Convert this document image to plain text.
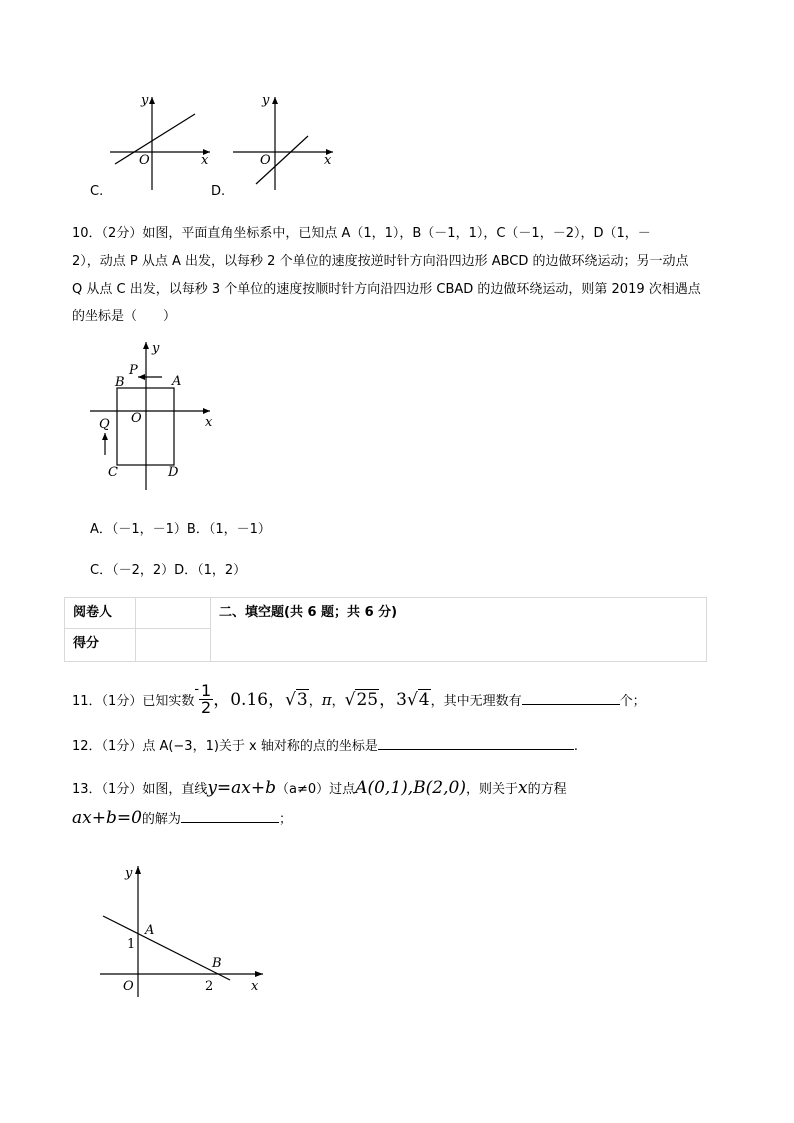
x
y
O
C.
x
y
O
D.
10．（2分）如图，平面直角坐标系中，已知点 A（1，1），B（－1，1），C（－1，－2），D（1，－
2），动点 P 从点 A 出发，以每秒 2 个单位的速度按逆时针方向沿四边形 ABCD 的边做环绕运动；另一动点
Q 从点 C 出发，以每秒 3 个单位的速度按顺时针方向沿四边形 CBAD 的边做环绕运动，则第 2019 次相遇点
的坐标是（　　）
y
x
O
A
B
C	D
P
Q
A．（－1，－1）B．（1，－1）
C．（－2，2）D．（1，2）
阅卷人		二、填空题(共 6 题；共 6 分)
得分		
11．（1分）已知实数- $\frac{1}{2}$ ，0.16，√3，π，√25，3√4，其中无理数有	个；
12．（1分）点 A(−3，1)关于 x 轴对称的点的坐标是	.
13．（1分）如图，直线y=ax+b（a≠0）过点A(0,1),B(2,0)，则关于x的方程
ax+b=0的解为	；
y
x
O
A
B
1
2
